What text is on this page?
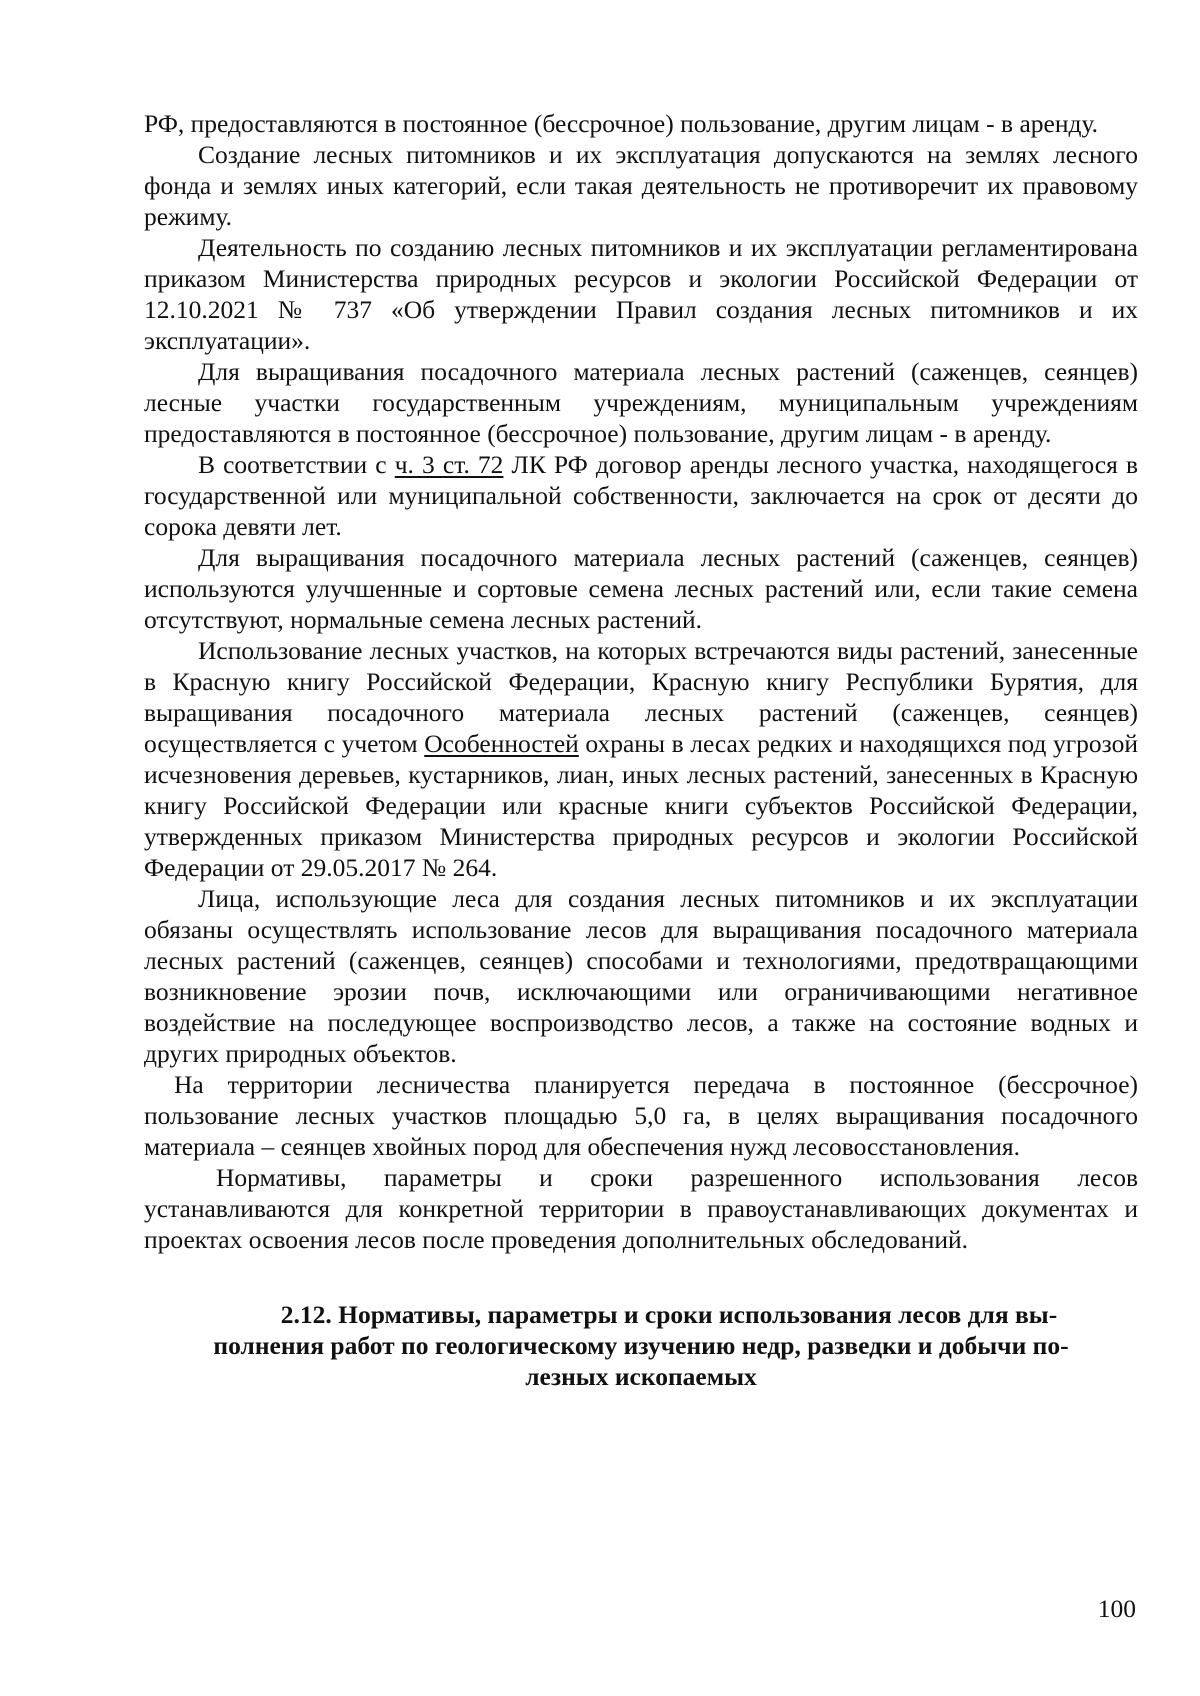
РФ, предоставляются в постоянное (бессрочное) пользование, другим лицам - в аренду.

Создание лесных питомников и их эксплуатация допускаются на землях лесного фонда и землях иных категорий, если такая деятельность не противоречит их правовому режиму.

Деятельность по созданию лесных питомников и их эксплуатации регламентирована приказом Министерства природных ресурсов и экологии Российской Федерации от 12.10.2021 № 737 «Об утверждении Правил создания лесных питомников и их эксплуатации».

Для выращивания посадочного материала лесных растений (саженцев, сеянцев) лесные участки государственным учреждениям, муниципальным учреждениям предоставляются в постоянное (бессрочное) пользование, другим лицам - в аренду.

В соответствии с ч. 3 ст. 72 ЛК РФ договор аренды лесного участка, находящегося в государственной или муниципальной собственности, заключается на срок от десяти до сорока девяти лет.

Для выращивания посадочного материала лесных растений (саженцев, сеянцев) используются улучшенные и сортовые семена лесных растений или, если такие семена отсутствуют, нормальные семена лесных растений.

Использование лесных участков, на которых встречаются виды растений, занесенные в Красную книгу Российской Федерации, Красную книгу Республики Бурятия, для выращивания посадочного материала лесных растений (саженцев, сеянцев) осуществляется с учетом Особенностей охраны в лесах редких и находящихся под угрозой исчезновения деревьев, кустарников, лиан, иных лесных растений, занесенных в Красную книгу Российской Федерации или красные книги субъектов Российской Федерации, утвержденных приказом Министерства природных ресурсов и экологии Российской Федерации от 29.05.2017 № 264.

Лица, использующие леса для создания лесных питомников и их эксплуатации обязаны осуществлять использование лесов для выращивания посадочного материала лесных растений (саженцев, сеянцев) способами и технологиями, предотвращающими возникновение эрозии почв, исключающими или ограничивающими негативное воздействие на последующее воспроизводство лесов, а также на состояние водных и других природных объектов.

На территории лесничества планируется передача в постоянное (бессрочное) пользование лесных участков площадью 5,0 га, в целях выращивания посадочного материала – сеянцев хвойных пород для обеспечения нужд лесовосстановления.

Нормативы, параметры и сроки разрешенного использования лесов устанавливаются для конкретной территории в правоустанавливающих документах и проектах освоения лесов после проведения дополнительных обследований.

2.12. Нормативы, параметры и сроки использования лесов для вы-
полнения работ по геологическому изучению недр, разведки и добычи по-
лезных ископаемых
100
